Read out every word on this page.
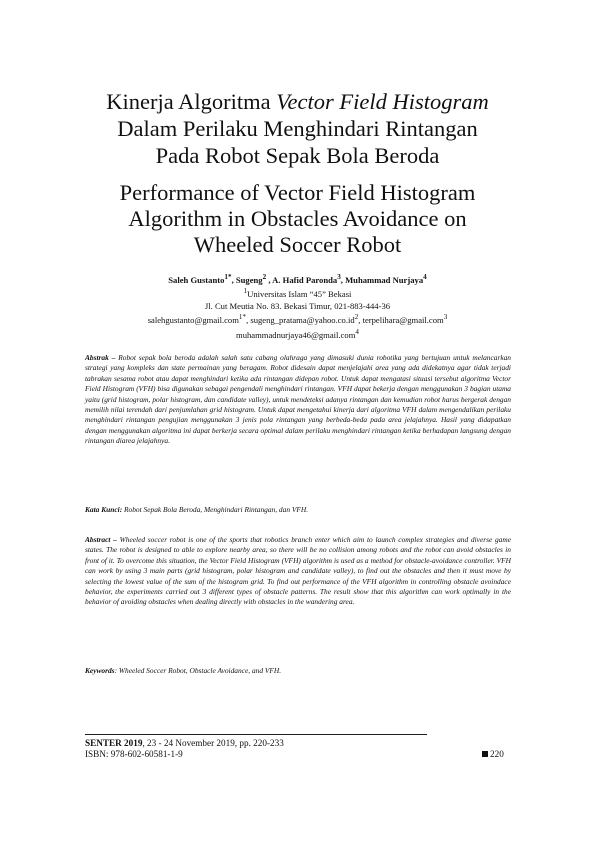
Kinerja Algoritma Vector Field Histogram
Dalam Perilaku Menghindari Rintangan
Pada Robot Sepak Bola Beroda
Performance of Vector Field Histogram
Algorithm in Obstacles Avoidance on
Wheeled Soccer Robot
Saleh Gustanto$^{1*}$, Sugeng$^2$ , A. Hafid Paronda$^3$, Muhammad Nurjaya$^4$
$^1$Universitas Islam “45” Bekasi
Jl. Cut Meutia No. 83. Bekasi Timur, 021-883-444-36
salehgustanto@gmail.com$^{1*}$, $sugeng\_pratama@yahoo.co.id^2$, terpelihara@gmail.com$^3$
muhammadnurjaya46@gmail.com$^4$
Abstrak – Robot sepak bola beroda adalah salah satu cabang olahraga yang dimasuki dunia robotika yang bertujuan untuk melancarkan strategi yang kompleks dan state permainan yang beragam. Robot didesain dapat menjelajahi area yang ada didekatnya agar tidak terjadi tabrakan sesama robot atau dapat menghindari ketika ada rintangan didepan robot. Untuk dapat mengatasi situasi tersebut algoritma Vector Field Histogram (VFH) bisa digunakan sebagai pengendali menghindari rintangan. VFH dapat bekerja dengan menggunakan 3 bagian utama yaitu (grid histogram, polar histogram, dan candidate valley), untuk mendeteksi adanya rintangan dan kemudian robot harus bergerak dengan memilih nilai terendah dari penjumlahan grid histogram. Untuk dapat mengetahui kinerja dari algoritma VFH dalam mengendalikan perilaku menghindari rintangan pengujian menggunakan 3 jenis pola rintangan yang berbeda-beda pada area jelajahnya. Hasil yang didapatkan dengan menggunakan algoritma ini dapat berkerja secara optimal dalam perilaku menghindari rintangan ketika berhadapan langsung dengan rintangan diarea jelajahnya.
Kata Kunci: Robot Sepak Bola Beroda, Menghindari Rintangan, dan VFH.
Abstract – Wheeled soccer robot is one of the sports that robotics branch enter which aim to launch complex strategies and diverse game states. The robot is designed to able to explore nearby area, so there will be no collision among robots and the robot can avoid obstacles in front of it. To overcome this situation, the Vector Field Histogram (VFH) algorithm is used as a method for obstacle-avoidance controller. VFH can work by using 3 main parts (grid histogram, polar histogram and candidate valley), to find out the obstacles and then it must move by selecting the lowest value of the sum of the histogram grid. To find out performance of the VFH algorithm in controlling obstacle avoindace behavior, the experiments carried out 3 different types of obstacle patterns. The result show that this algorithm can work optimally in the behavior of avoiding obstacles when dealing directly with obstacles in the wandering area.
Keywords: Wheeled Soccer Robot, Obstacle Avoidance, and VFH.
SENTER 2019, 23 - 24 November 2019, pp. 220-233
ISBN: 978-602-60581-1-9	220
